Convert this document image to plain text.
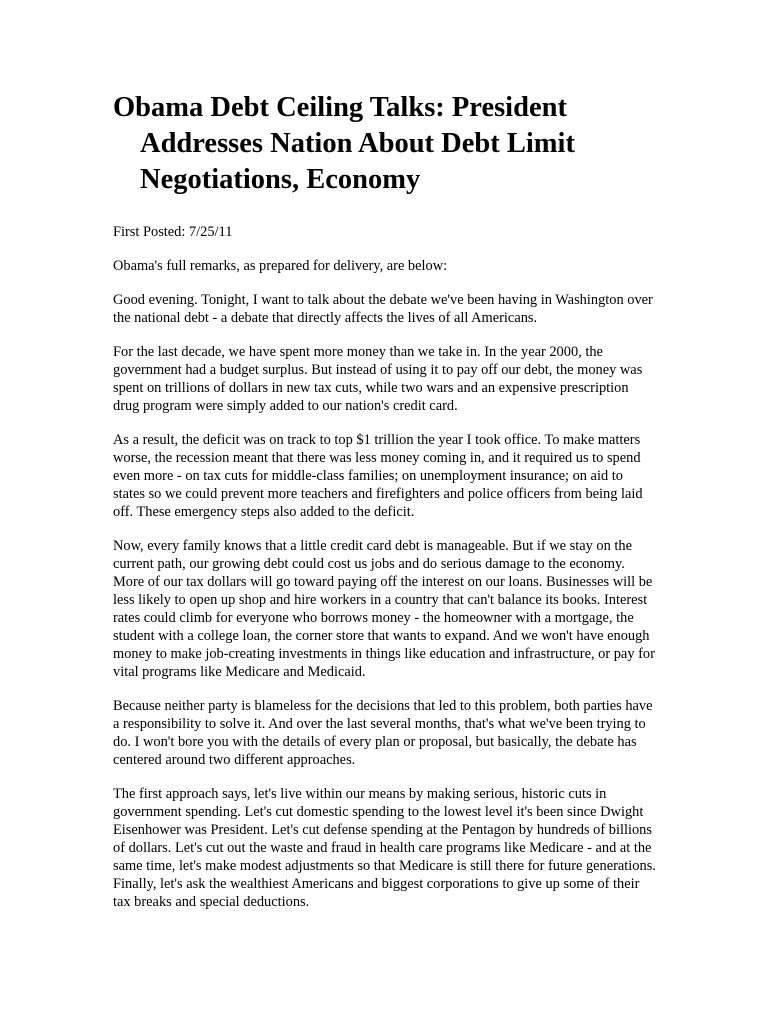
Obama Debt Ceiling Talks: President Addresses Nation About Debt Limit Negotiations, Economy

First Posted: 7/25/11

Obama's full remarks, as prepared for delivery, are below:

Good evening. Tonight, I want to talk about the debate we've been having in Washington over the national debt - a debate that directly affects the lives of all Americans.

For the last decade, we have spent more money than we take in. In the year 2000, the government had a budget surplus. But instead of using it to pay off our debt, the money was spent on trillions of dollars in new tax cuts, while two wars and an expensive prescription drug program were simply added to our nation's credit card.

As a result, the deficit was on track to top $1 trillion the year I took office. To make matters worse, the recession meant that there was less money coming in, and it required us to spend even more - on tax cuts for middle-class families; on unemployment insurance; on aid to states so we could prevent more teachers and firefighters and police officers from being laid off. These emergency steps also added to the deficit.

Now, every family knows that a little credit card debt is manageable. But if we stay on the current path, our growing debt could cost us jobs and do serious damage to the economy. More of our tax dollars will go toward paying off the interest on our loans. Businesses will be less likely to open up shop and hire workers in a country that can't balance its books. Interest rates could climb for everyone who borrows money - the homeowner with a mortgage, the student with a college loan, the corner store that wants to expand. And we won't have enough money to make job-creating investments in things like education and infrastructure, or pay for vital programs like Medicare and Medicaid.

Because neither party is blameless for the decisions that led to this problem, both parties have a responsibility to solve it. And over the last several months, that's what we've been trying to do. I won't bore you with the details of every plan or proposal, but basically, the debate has centered around two different approaches.

The first approach says, let's live within our means by making serious, historic cuts in government spending. Let's cut domestic spending to the lowest level it's been since Dwight Eisenhower was President. Let's cut defense spending at the Pentagon by hundreds of billions of dollars. Let's cut out the waste and fraud in health care programs like Medicare - and at the same time, let's make modest adjustments so that Medicare is still there for future generations. Finally, let's ask the wealthiest Americans and biggest corporations to give up some of their tax breaks and special deductions.
